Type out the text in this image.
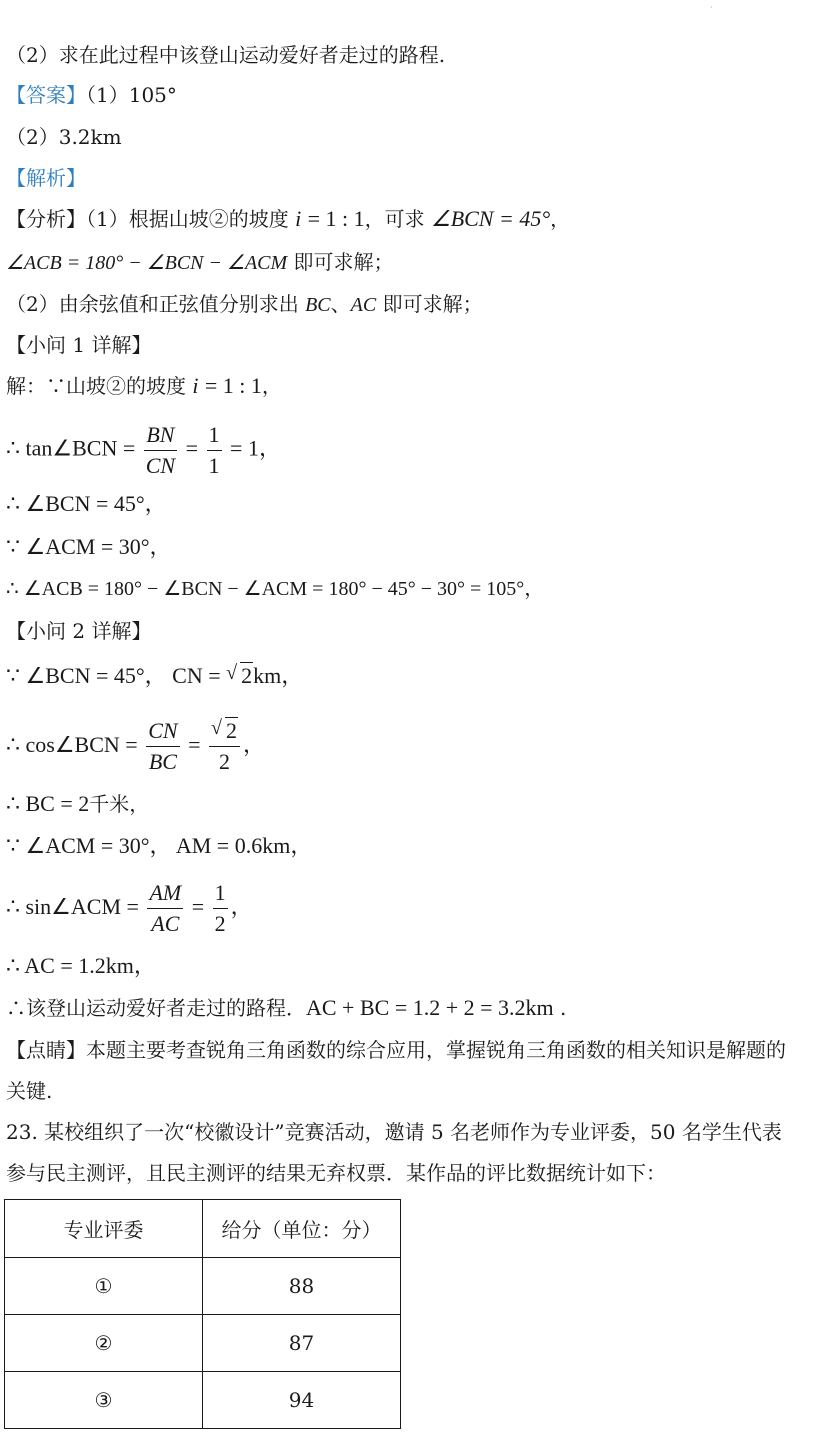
·
（2）求在此过程中该登山运动爱好者走过的路程.
【答案】（1）105°
（2）3.2km
【解析】
【分析】（1）根据山坡②的坡度 i = 1 : 1，可求 ∠BCN = 45°，
∠ACB = 180° − ∠BCN − ∠ACM 即可求解；
（2）由余弦值和正弦值分别求出 BC、AC 即可求解；
【小问 1 详解】
解：∵山坡②的坡度 i = 1 : 1，
∴ tan∠BCN = $\frac{BN}{CN} = \frac{1}{1} = 1$，
∴ ∠BCN = 45°，
∵ ∠ACM = 30°，
∴ ∠ACB = 180° − ∠BCN − ∠ACM = 180° − 45° − 30° = 105°，
【小问 2 详解】
∵ ∠BCN = 45°， CN = √ 2km，
∴ cos∠BCN = $\frac{CN}{BC}$ = √ $\frac{2}{2}$ ，
∴ BC = 2千米，
∵ ∠ACM = 30°， AM = 0.6km，
∴ sin∠ACM = $\frac{AM}{AC} = \frac{1}{2}$ ，
∴ AC = 1.2km，
∴该登山运动爱好者走过的路程．AC + BC = 1.2 + 2 = 3.2km .
【点睛】本题主要考查锐角三角函数的综合应用，掌握锐角三角函数的相关知识是解题的
关键.
23. 某校组织了一次“校徽设计”竞赛活动，邀请 5 名老师作为专业评委，50 名学生代表
参与民主测评，且民主测评的结果无弃权票．某作品的评比数据统计如下：
专业评委	给分（单位：分）
①	88
②	87
③	94
